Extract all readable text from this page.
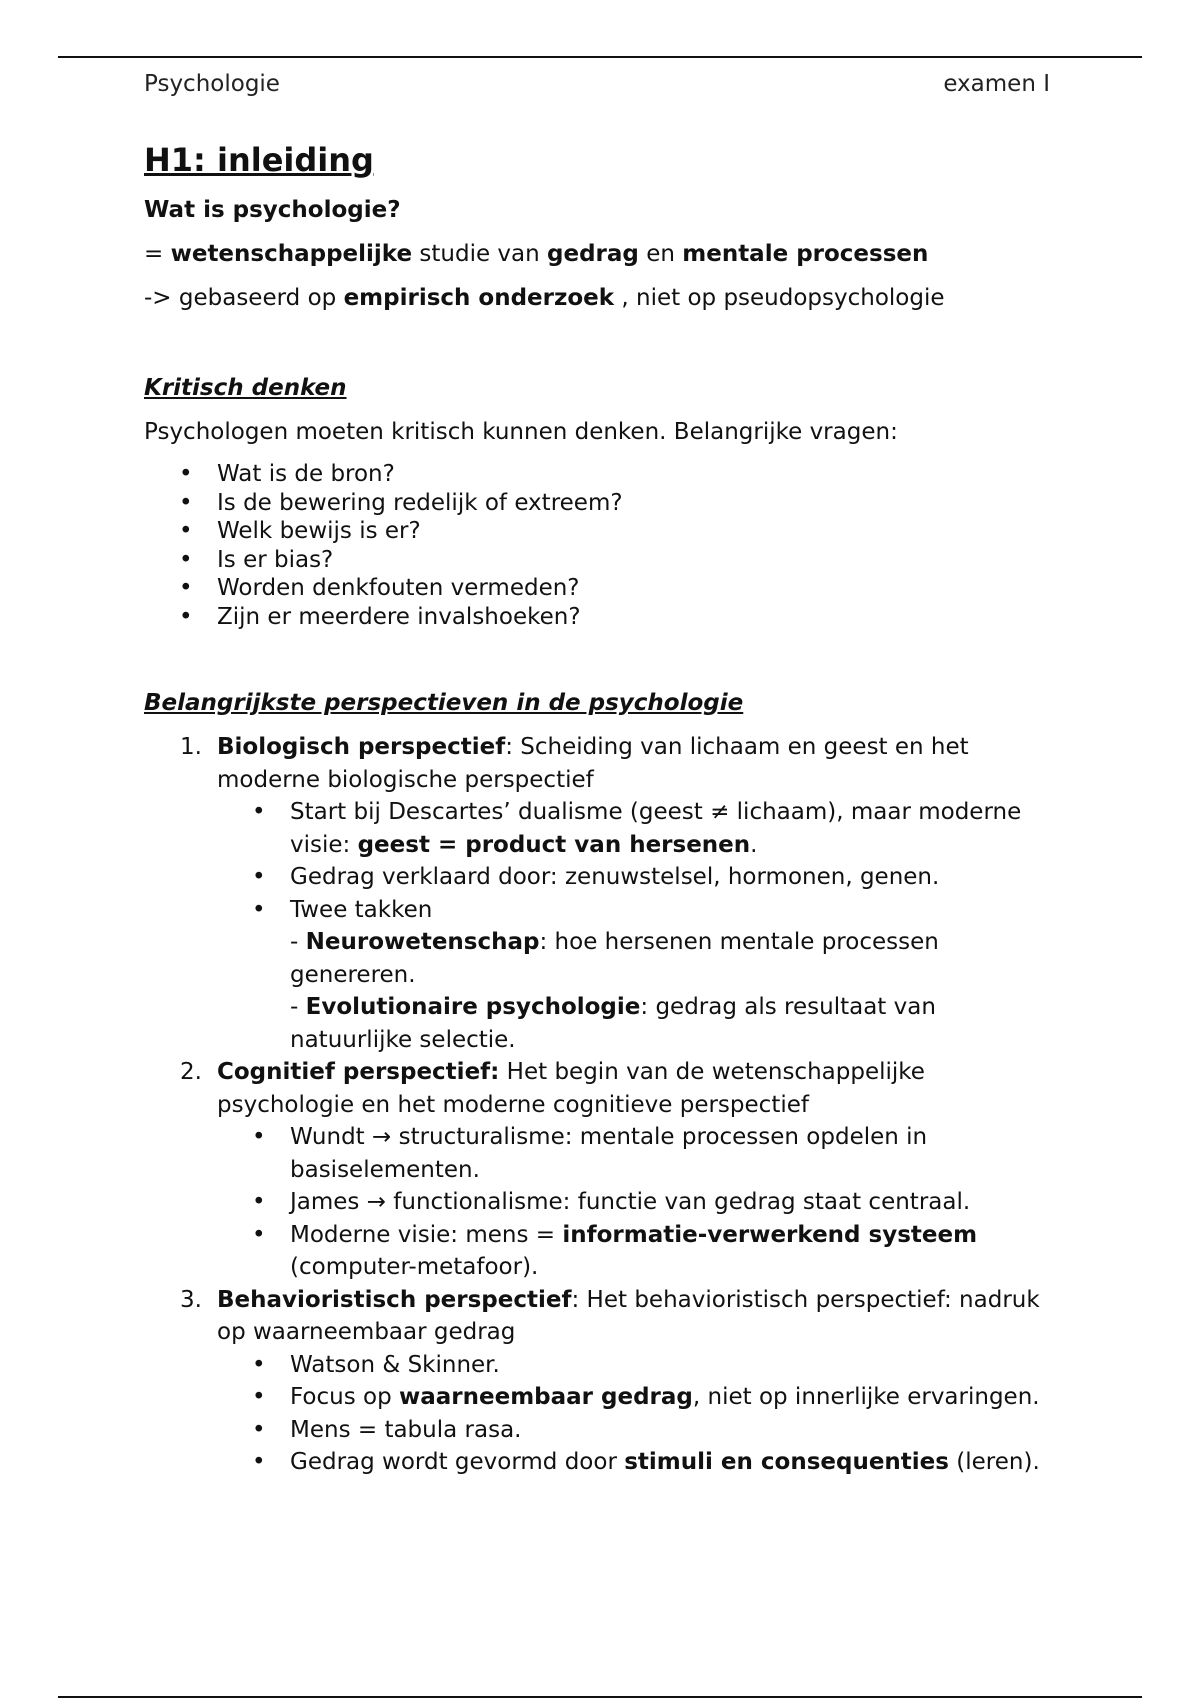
Psychologie	examen I
H1: inleiding
Wat is psychologie?

= wetenschappelijke studie van gedrag en mentale processen

-> gebaseerd op empirisch onderzoek , niet op pseudopsychologie

Kritisch denken

Psychologen moeten kritisch kunnen denken. Belangrijke vragen:

• Wat is de bron?
• Is de bewering redelijk of extreem?
• Welk bewijs is er?
• Is er bias?
• Worden denkfouten vermeden?
• Zijn er meerdere invalshoeken?
Belangrijkste perspectieven in de psychologie
1. Biologisch perspectief: Scheiding van lichaam en geest en het moderne biologische perspectief
• Start bij Descartes’ dualisme (geest ≠ lichaam), maar moderne visie: geest = product van hersenen.
• Gedrag verklaard door: zenuwstelsel, hormonen, genen.
• Twee takken
- Neurowetenschap: hoe hersenen mentale processen genereren.
- Evolutionaire psychologie: gedrag als resultaat van natuurlijke selectie.
2. Cognitief perspectief: Het begin van de wetenschappelijke psychologie en het moderne cognitieve perspectief
• Wundt → structuralisme: mentale processen opdelen in basiselementen.
• James → functionalisme: functie van gedrag staat centraal.
• Moderne visie: mens = informatie-verwerkend systeem (computer-metafoor).
3. Behavioristisch perspectief: Het behavioristisch perspectief: nadruk op waarneembaar gedrag
• Watson & Skinner.
• Focus op waarneembaar gedrag, niet op innerlijke ervaringen.
• Mens = tabula rasa.
• Gedrag wordt gevormd door stimuli en consequenties (leren).
